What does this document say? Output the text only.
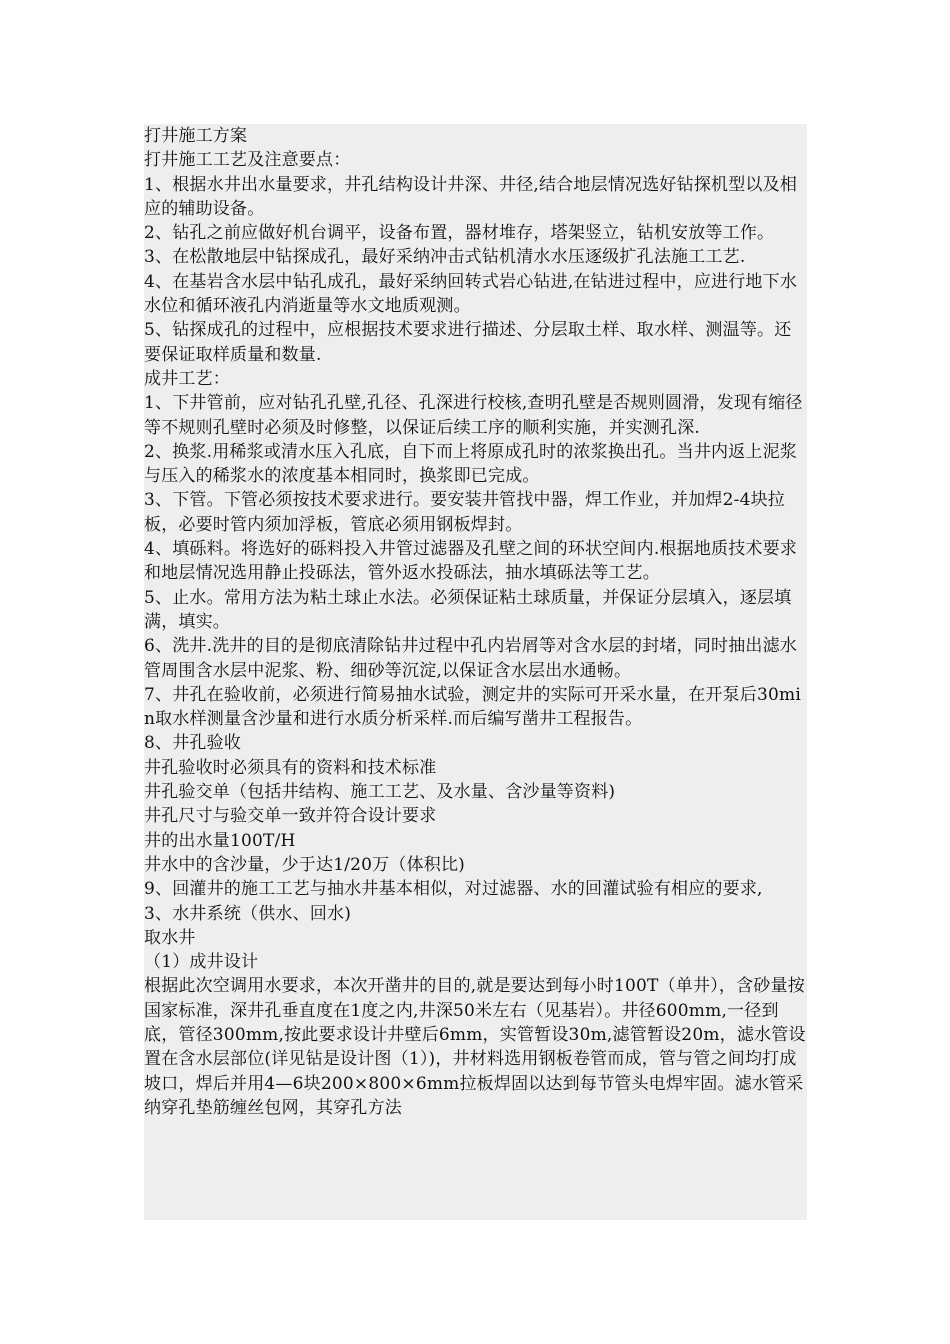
打井施工方案

打井施工工艺及注意要点：

1、根据水井出水量要求，井孔结构设计井深、井径,结合地层情况选好钻探机型以及相应的辅助设备。

2、钻孔之前应做好机台调平，设备布置，器材堆存，塔架竖立，钻机安放等工作。

3、在松散地层中钻探成孔，最好采纳冲击式钻机清水水压逐级扩孔法施工工艺.

4、在基岩含水层中钻孔成孔，最好采纳回转式岩心钻进,在钻进过程中，应进行地下水水位和循环液孔内消逝量等水文地质观测。

5、钻探成孔的过程中，应根据技术要求进行描述、分层取土样、取水样、测温等。还要保证取样质量和数量.

成井工艺：

1、下井管前，应对钻孔孔壁,孔径、孔深进行校核,查明孔壁是否规则圆滑，发现有缩径等不规则孔壁时必须及时修整，以保证后续工序的顺利实施，并实测孔深.

2、换浆.用稀浆或清水压入孔底，自下而上将原成孔时的浓浆换出孔。当井内返上泥浆与压入的稀浆水的浓度基本相同时，换浆即已完成。

3、下管。下管必须按技术要求进行。要安装井管找中器，焊工作业，并加焊2-4块拉板，必要时管内须加浮板，管底必须用钢板焊封。

4、填砾料。将选好的砾料投入井管过滤器及孔壁之间的环状空间内.根据地质技术要求和地层情况选用静止投砾法，管外返水投砾法，抽水填砾法等工艺。

5、止水。常用方法为粘土球止水法。必须保证粘土球质量，并保证分层填入，逐层填满，填实。

6、洗井.洗井的目的是彻底清除钻井过程中孔内岩屑等对含水层的封堵，同时抽出滤水管周围含水层中泥浆、粉、细砂等沉淀,以保证含水层出水通畅。

7、井孔在验收前，必须进行简易抽水试验，测定井的实际可开采水量，在开泵后30min取水样测量含沙量和进行水质分析采样.而后编写凿井工程报告。

8、井孔验收

井孔验收时必须具有的资料和技术标准

井孔验交单（包括井结构、施工工艺、及水量、含沙量等资料)

井孔尺寸与验交单一致并符合设计要求

井的出水量100T/H

井水中的含沙量，少于达1/20万（体积比)

9、回灌井的施工工艺与抽水井基本相似，对过滤器、水的回灌试验有相应的要求,

3、水井系统（供水、回水)

取水井

（1）成井设计

根据此次空调用水要求，本次开凿井的目的,就是要达到每小时100T（单井），含砂量按国家标准，深井孔垂直度在1度之内,井深50米左右（见基岩）。井径600mm,一径到底，管径300mm,按此要求设计井壁后6mm，实管暂设30m,滤管暂设20m，滤水管设置在含水层部位(详见钻是设计图（1）)，井材料选用钢板卷管而成，管与管之间均打成坡口，焊后并用4—6块200×800×6mm拉板焊固以达到每节管头电焊牢固。滤水管采纳穿孔垫筋缠丝包网，其穿孔方法
